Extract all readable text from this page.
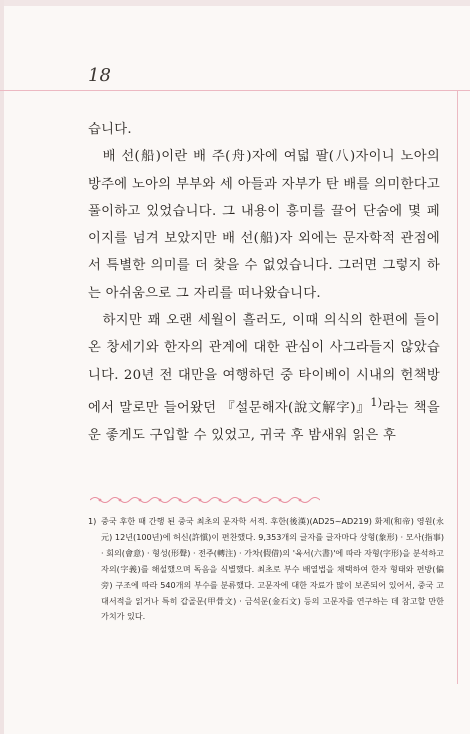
18

습니다.

배 선(船)이란 배 주(舟)자에 여덟 팔(八)자이니 노아의 방주에 노아의 부부와 세 아들과 자부가 탄 배를 의미한다고 풀이하고 있었습니다. 그 내용이 흥미를 끌어 단숨에 몇 페이지를 넘겨 보았지만 배 선(船)자 외에는 문자학적 관점에서 특별한 의미를 더 찾을 수 없었습니다. 그러면 그렇지 하는 아쉬움으로 그 자리를 떠나왔습니다.

하지만 꽤 오랜 세월이 흘러도, 이때 의식의 한편에 들이온 창세기와 한자의 관계에 대한 관심이 사그라들지 않았습니다. 20년 전 대만을 여행하던 중 타이베이 시내의 헌책방에서 말로만 들어왔던 『설문해자(說文解字)』$^{1)}$라는 책을 운 좋게도 구입할 수 있었고, 귀국 후 밤새워 읽은 후

1) 중국 후한 때 간행 된 중국 최초의 문자학 서적. 후한(後漢)(AD25~AD219) 화제(和帝) 영원(永元) 12년(100년)에 허신(許愼)이 편찬했다. 9,353개의 글자를 글자마다 상형(象形) · 모사(指事) · 회의(會意) · 형성(形聲) · 전주(轉注) · 가차(假借)의 '육서(六書)'에 따라 자형(字形)을 분석하고 자의(字義)를 해설했으며 독음을 식별했다. 최초로 부수 배열법을 채택하여 한자 형태와 편방(偏旁) 구조에 따라 540개의 부수를 분류했다. 고문자에 대한 자료가 많이 보존되어 있어서, 중국 고대서적을 읽거나 특히 갑골문(甲骨文) · 금석문(金石文) 등의 고문자를 연구하는 데 참고할 만한 가치가 있다.
